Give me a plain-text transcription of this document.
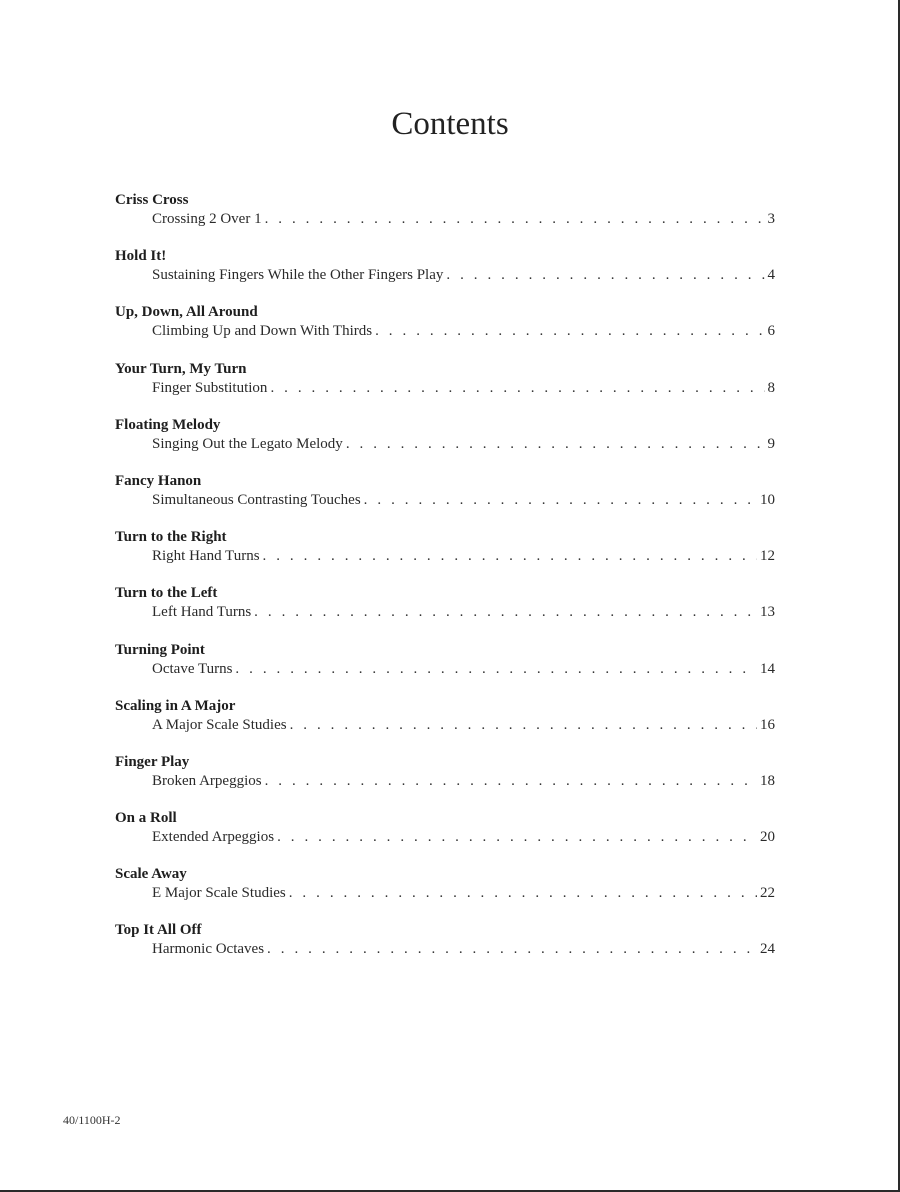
Contents
Criss Cross
Crossing 2 Over 1 . . .	3
Hold It!
Sustaining Fingers While the Other Fingers Play . . .	4
Up, Down, All Around
Climbing Up and Down With Thirds . . .	6
Your Turn, My Turn
Finger Substitution . . .	8
Floating Melody
Singing Out the Legato Melody . . .	9
Fancy Hanon
Simultaneous Contrasting Touches . . .	10
Turn to the Right
Right Hand Turns . . .	12
Turn to the Left
Left Hand Turns . . .	13
Turning Point
Octave Turns . . .	14
Scaling in A Major
A Major Scale Studies . . .	16
Finger Play
Broken Arpeggios . . .	18
On a Roll
Extended Arpeggios . . .	20
Scale Away
E Major Scale Studies . . .	22
Top It All Off
Harmonic Octaves . . .	24
40/1100H-2
